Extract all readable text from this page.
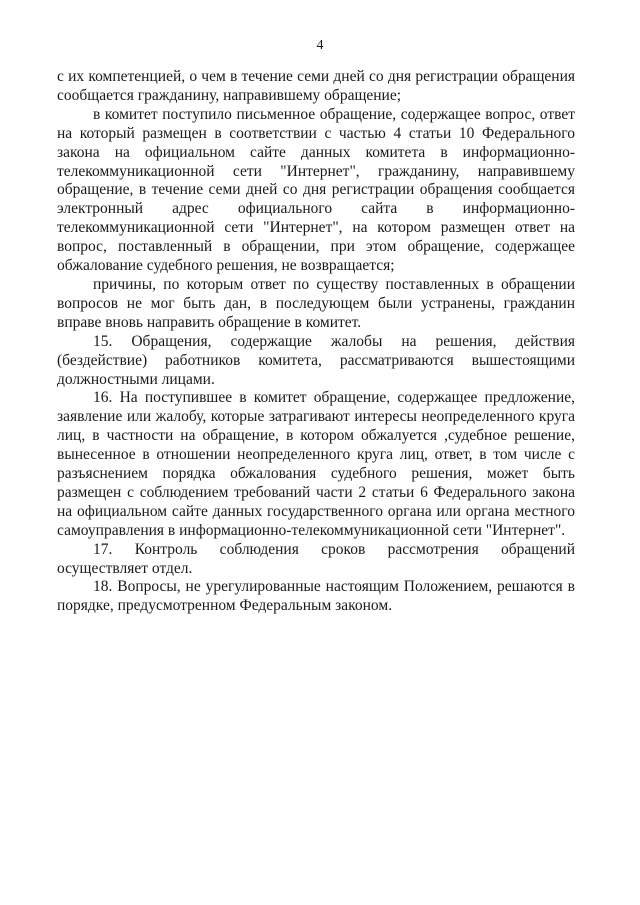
4

с их компетенцией, о чем в течение семи дней со дня регистрации обращения сообщается гражданину, направившему обращение;

в комитет поступило письменное обращение, содержащее вопрос, ответ на который размещен в соответствии с частью 4 статьи 10 Федерального закона на официальном сайте данных комитета в информационно-телекоммуникационной сети "Интернет", гражданину, направившему обращение, в течение семи дней со дня регистрации обращения сообщается электронный адрес официального сайта в информационно-телекоммуникационной сети "Интернет", на котором размещен ответ на вопрос, поставленный в обращении, при этом обращение, содержащее обжалование судебного решения, не возвращается;

причины, по которым ответ по существу поставленных в обращении вопросов не мог быть дан, в последующем были устранены, гражданин вправе вновь направить обращение в комитет.

15. Обращения, содержащие жалобы на решения, действия (бездействие) работников комитета, рассматриваются вышестоящими должностными лицами.

16. На поступившее в комитет обращение, содержащее предложение, заявление или жалобу, которые затрагивают интересы неопределенного круга лиц, в частности на обращение, в котором обжалуется ,судебное решение, вынесенное в отношении неопределенного круга лиц, ответ, в том числе с разъяснением порядка обжалования судебного решения, может быть размещен с соблюдением требований части 2 статьи 6 Федерального закона на официальном сайте данных государственного органа или органа местного самоуправления в информационно-телекоммуникационной сети "Интернет".

17. Контроль соблюдения сроков рассмотрения обращений осуществляет отдел.

18. Вопросы, не урегулированные настоящим Положением, решаются в порядке, предусмотренном Федеральным законом.
